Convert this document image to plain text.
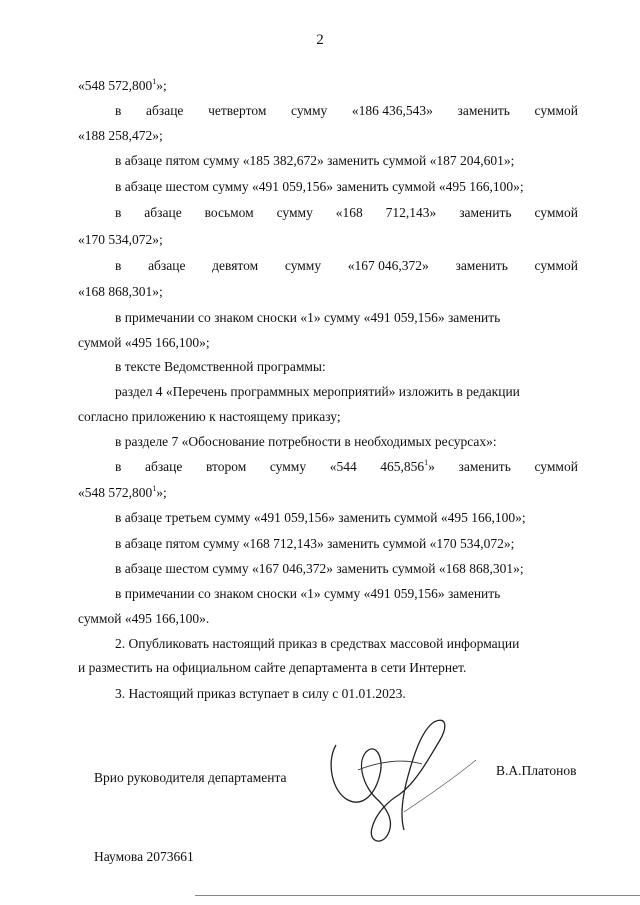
2
«548 572,800$^1$»;
в абзаце четвертом сумму «186 436,543» заменить суммой
«188 258,472»;
в абзаце пятом сумму «185 382,672» заменить суммой «187 204,601»;
в абзаце шестом сумму «491 059,156» заменить суммой «495 166,100»;
в абзаце восьмом сумму «168 712,143» заменить суммой
«170 534,072»;
в абзаце девятом сумму «167 046,372» заменить суммой
«168 868,301»;
в примечании со знаком сноски «1» сумму «491 059,156» заменить
суммой «495 166,100»;
в тексте Ведомственной программы:
раздел 4 «Перечень программных мероприятий» изложить в редакции
согласно приложению к настоящему приказу;
в разделе 7 «Обоснование потребности в необходимых ресурсах»:
в абзаце втором сумму «544 465,856$^1$» заменить суммой
«548 572,800$^1$»;
в абзаце третьем сумму «491 059,156» заменить суммой «495 166,100»;
в абзаце пятом сумму «168 712,143» заменить суммой «170 534,072»;
в абзаце шестом сумму «167 046,372» заменить суммой «168 868,301»;
в примечании со знаком сноски «1» сумму «491 059,156» заменить
суммой «495 166,100».
2. Опубликовать настоящий приказ в средствах массовой информации
и разместить на официальном сайте департамента в сети Интернет.
3. Настоящий приказ вступает в силу с 01.01.2023.
Врио руководителя департамента	В.А.Платонов
Наумова 2073661
